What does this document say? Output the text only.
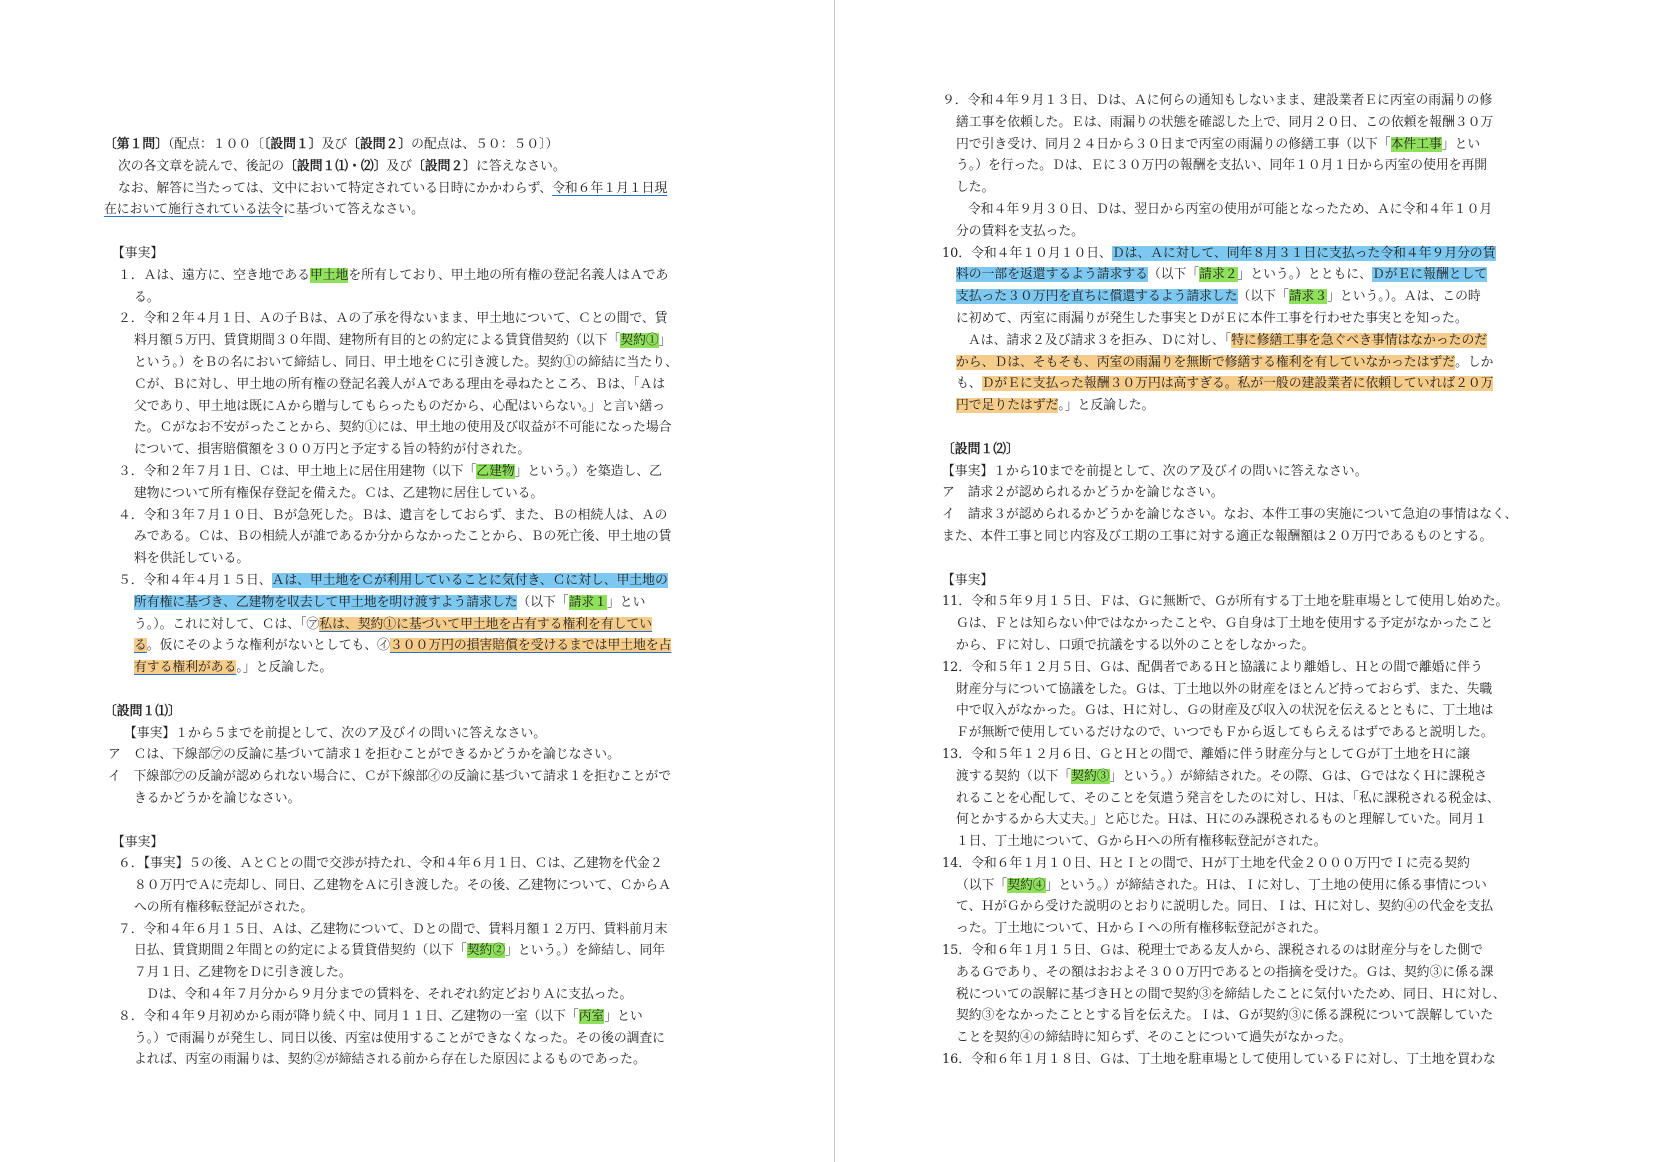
〔第１問〕（配点：１００〔〔設問１〕及び〔設問２〕の配点は、５０：５０〕）
次の各文章を読んで、後記の〔設問１⑴・⑵〕及び〔設問２〕に答えなさい。
なお、解答に当たっては、文中において特定されている日時にかかわらず、令和６年１月１日現
在において施行されている法令に基づいて答えなさい。
【事実】
１．Ａは、遠方に、空き地である甲土地を所有しており、甲土地の所有権の登記名義人はＡであ
る。
２．令和２年４月１日、Ａの子Ｂは、Ａの了承を得ないまま、甲土地について、Ｃとの間で、賃
料月額５万円、賃貸期間３０年間、建物所有目的との約定による賃貸借契約（以下「契約①」
という。）をＢの名において締結し、同日、甲土地をＣに引き渡した。契約①の締結に当たり、
Ｃが、Ｂに対し、甲土地の所有権の登記名義人がＡである理由を尋ねたところ、Ｂは、「Ａは
父であり、甲土地は既にＡから贈与してもらったものだから、心配はいらない。」と言い繕っ
た。Ｃがなお不安がったことから、契約①には、甲土地の使用及び収益が不可能になった場合
について、損害賠償額を３００万円と予定する旨の特約が付された。
３．令和２年７月１日、Ｃは、甲土地上に居住用建物（以下「乙建物」という。）を築造し、乙
建物について所有権保存登記を備えた。Ｃは、乙建物に居住している。
４．令和３年７月１０日、Ｂが急死した。Ｂは、遺言をしておらず、また、Ｂの相続人は、Ａの
みである。Ｃは、Ｂの相続人が誰であるか分からなかったことから、Ｂの死亡後、甲土地の賃
料を供託している。
５．令和４年４月１５日、Ａは、甲土地をＣが利用していることに気付き、Ｃに対し、甲土地の
所有権に基づき、乙建物を収去して甲土地を明け渡すよう請求した（以下「請求１」とい
う。）。これに対して、Ｃは、「㋐私は、契約①に基づいて甲土地を占有する権利を有してい
る。仮にそのような権利がないとしても、㋑３００万円の損害賠償を受けるまでは甲土地を占
有する権利がある。」と反論した。
〔設問１⑴〕
【事実】１から５までを前提として、次のア及びイの問いに答えなさい。
ア　Ｃは、下線部㋐の反論に基づいて請求１を拒むことができるかどうかを論じなさい。
イ　下線部㋐の反論が認められない場合に、Ｃが下線部㋑の反論に基づいて請求１を拒むことがで
きるかどうかを論じなさい。
【事実】
６．【事実】５の後、ＡとＣとの間で交渉が持たれ、令和４年６月１日、Ｃは、乙建物を代金２
８０万円でＡに売却し、同日、乙建物をＡに引き渡した。その後、乙建物について、ＣからＡ
への所有権移転登記がされた。
７．令和４年６月１５日、Ａは、乙建物について、Ｄとの間で、賃料月額１２万円、賃料前月末
日払、賃貸期間２年間との約定による賃貸借契約（以下「契約②」という。）を締結し、同年
７月１日、乙建物をＤに引き渡した。
Ｄは、令和４年７月分から９月分までの賃料を、それぞれ約定どおりＡに支払った。
８．令和４年９月初めから雨が降り続く中、同月１１日、乙建物の一室（以下「丙室」とい
う。）で雨漏りが発生し、同日以後、丙室は使用することができなくなった。その後の調査に
よれば、丙室の雨漏りは、契約②が締結される前から存在した原因によるものであった。
９．令和４年９月１３日、Ｄは、Ａに何らの通知もしないまま、建設業者Ｅに丙室の雨漏りの修
繕工事を依頼した。Ｅは、雨漏りの状態を確認した上で、同月２０日、この依頼を報酬３０万
円で引き受け、同月２４日から３０日まで丙室の雨漏りの修繕工事（以下「本件工事」とい
う。）を行った。Ｄは、Ｅに３０万円の報酬を支払い、同年１０月１日から丙室の使用を再開
した。
令和４年９月３０日、Ｄは、翌日から丙室の使用が可能となったため、Ａに令和４年１０月
分の賃料を支払った。
10．令和４年１０月１０日、Ｄは、Ａに対して、同年８月３１日に支払った令和４年９月分の賃
料の一部を返還するよう請求する（以下「請求２」という。）とともに、ＤがＥに報酬として
支払った３０万円を直ちに償還するよう請求した（以下「請求３」という。）。Ａは、この時
に初めて、丙室に雨漏りが発生した事実とＤがＥに本件工事を行わせた事実とを知った。
Ａは、請求２及び請求３を拒み、Ｄに対し、「特に修繕工事を急ぐべき事情はなかったのだ
から、Ｄは、そもそも、丙室の雨漏りを無断で修繕する権利を有していなかったはずだ。しか
も、ＤがＥに支払った報酬３０万円は高すぎる。私が一般の建設業者に依頼していれば２０万
円で足りたはずだ。」と反論した。
〔設問１⑵〕
【事実】１から10までを前提として、次のア及びイの問いに答えなさい。
ア　請求２が認められるかどうかを論じなさい。
イ　請求３が認められるかどうかを論じなさい。なお、本件工事の実施について急迫の事情はなく、
また、本件工事と同じ内容及び工期の工事に対する適正な報酬額は２０万円であるものとする。
【事実】
11．令和５年９月１５日、Ｆは、Ｇに無断で、Ｇが所有する丁土地を駐車場として使用し始めた。
Ｇは、Ｆとは知らない仲ではなかったことや、Ｇ自身は丁土地を使用する予定がなかったこと
から、Ｆに対し、口頭で抗議をする以外のことをしなかった。
12．令和５年１２月５日、Ｇは、配偶者であるＨと協議により離婚し、Ｈとの間で離婚に伴う
財産分与について協議をした。Ｇは、丁土地以外の財産をほとんど持っておらず、また、失職
中で収入がなかった。Ｇは、Ｈに対し、Ｇの財産及び収入の状況を伝えるとともに、丁土地は
Ｆが無断で使用しているだけなので、いつでもＦから返してもらえるはずであると説明した。
13．令和５年１２月６日、ＧとＨとの間で、離婚に伴う財産分与としてＧが丁土地をＨに譲
渡する契約（以下「契約③」という。）が締結された。その際、Ｇは、ＧではなくＨに課税さ
れることを心配して、そのことを気遣う発言をしたのに対し、Ｈは、「私に課税される税金は、
何とかするから大丈夫。」と応じた。Ｈは、Ｈにのみ課税されるものと理解していた。同月１
１日、丁土地について、ＧからＨへの所有権移転登記がされた。
14．令和６年１月１０日、ＨとＩとの間で、Ｈが丁土地を代金２０００万円でＩに売る契約
（以下「契約④」という。）が締結された。Ｈは、Ｉに対し、丁土地の使用に係る事情につい
て、ＨがＧから受けた説明のとおりに説明した。同日、Ｉは、Ｈに対し、契約④の代金を支払
った。丁土地について、ＨからＩへの所有権移転登記がされた。
15．令和６年１月１５日、Ｇは、税理士である友人から、課税されるのは財産分与をした側で
あるＧであり、その額はおおよそ３００万円であるとの指摘を受けた。Ｇは、契約③に係る課
税についての誤解に基づきＨとの間で契約③を締結したことに気付いたため、同日、Ｈに対し、
契約③をなかったこととする旨を伝えた。Ｉは、Ｇが契約③に係る課税について誤解していた
ことを契約④の締結時に知らず、そのことについて過失がなかった。
16．令和６年１月１８日、Ｇは、丁土地を駐車場として使用しているＦに対し、丁土地を買わな
